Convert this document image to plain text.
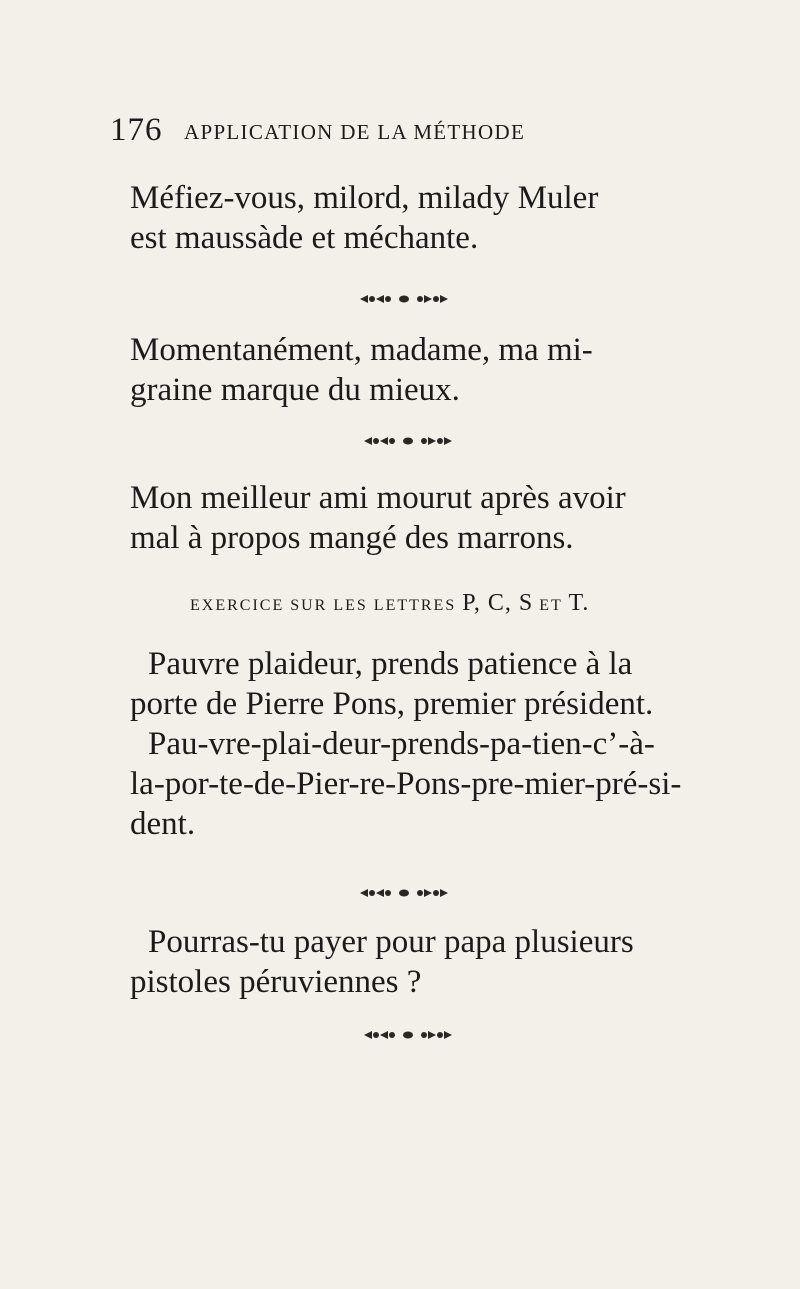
176 APPLICATION DE LA MÉTHODE

Méfiez-vous, milord, milady Muler
est maussàde et méchante.

Momentanément, madame, ma mi-
graine marque du mieux.

Mon meilleur ami mourut après avoir
mal à propos mangé des marrons.

EXERCICE SUR LES LETTRES P, C, S ET T.

Pauvre plaideur, prends patience à la
porte de Pierre Pons, premier président.
Pau-vre-plai-deur-prends-pa-tien-c’-à-
la-por-te-de-Pier-re-Pons-pre-mier-pré-si-
dent.

Pourras-tu payer pour papa plusieurs
pistoles péruviennes ?
